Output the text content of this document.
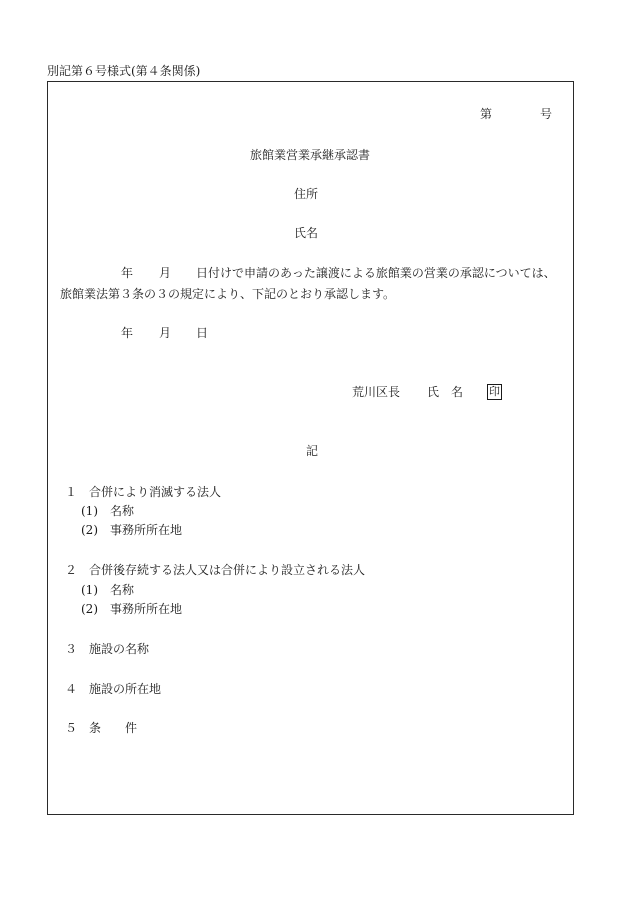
別記第６号様式(第４条関係)
第	号
旅館業営業承継承認書
住所
氏名
年 月 日付けで申請のあった譲渡による旅館業の営業の承認については、
旅館業法第３条の３の規定により、下記のとおり承認します。
年 月 日
荒川区長 氏　名 印
記
１　合併により消滅する法人
(1)　名称
(2)　事務所所在地
２　合併後存続する法人又は合併により設立される法人
(1)　名称
(2)　事務所所在地
３　施設の名称
４　施設の所在地
５　条　　件
